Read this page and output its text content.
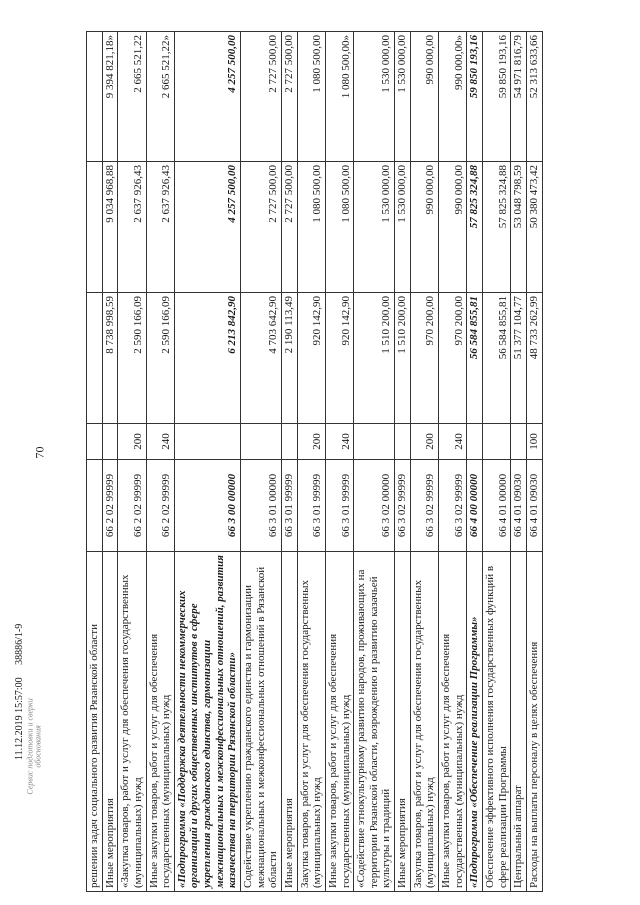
70
Сервис подготовки и сверки обоснования
11.12.2019 15:57:00     38886/1-9	решении задач социального развития Рязанской области					
Иные мероприятия	66 2 02 99999		8 738 998,59	9 034 968,88	9 394 821,18»
«Закупка товаров, работ и услуг для обеспечения государственных (муниципальных) нужд	66 2 02 99999	200	2 590 166,09	2 637 926,43	2 665 521,22
Иные закупки товаров, работ и услуг для обеспечения государственных (муниципальных) нужд	66 2 02 99999	240	2 590 166,09	2 637 926,43	2 665 521,22»
«Подпрограмма «Поддержка деятельности некоммерческих организаций и других общественных институтов в сфере укрепления гражданского единства, гармонизации межнациональных и межконфессиональных отношений, развития казачества на территории Рязанской области»	66 3 00 00000		6 213 842,90	4 257 500,00	4 257 500,00
Содействие укреплению гражданского единства и гармонизации межнациональных и межконфессиональных отношений в Рязанской области	66 3 01 00000		4 703 642,90	2 727 500,00	2 727 500,00
Иные мероприятия	66 3 01 99999		2 190 113,49	2 727 500,00	2 727 500,00
Закупка товаров, работ и услуг для обеспечения государственных (муниципальных) нужд	66 3 01 99999	200	920 142,90	1 080 500,00	1 080 500,00
Иные закупки товаров, работ и услуг для обеспечения государственных (муниципальных) нужд	66 3 01 99999	240	920 142,90	1 080 500,00	1 080 500,00»
«Содействие этнокультурному развитию народов, проживающих на территории Рязанской области, возрождению и развитию казачьей культуры и традиций	66 3 02 00000		1 510 200,00	1 530 000,00	1 530 000,00
Иные мероприятия	66 3 02 99999		1 510 200,00	1 530 000,00	1 530 000,00
Закупка товаров, работ и услуг для обеспечения государственных (муниципальных) нужд	66 3 02 99999	200	970 200,00	990 000,00	990 000,00
Иные закупки товаров, работ и услуг для обеспечения государственных (муниципальных) нужд	66 3 02 99999	240	970 200,00	990 000,00	990 000,00»
«Подпрограмма «Обеспечение реализации Программы»	66 4 00 00000		56 584 855,81	57 825 324,88	59 850 193,16
Обеспечение эффективного исполнения государственных функций в сфере реализации Программы	66 4 01 00000		56 584 855,81	57 825 324,88	59 850 193,16
Центральный аппарат	66 4 01 09030		51 377 104,77	53 048 798,59	54 971 816,79
Расходы на выплаты персоналу в целях обеспечения	66 4 01 09030	100	48 733 262,99	50 380 473,42	52 313 633,66
